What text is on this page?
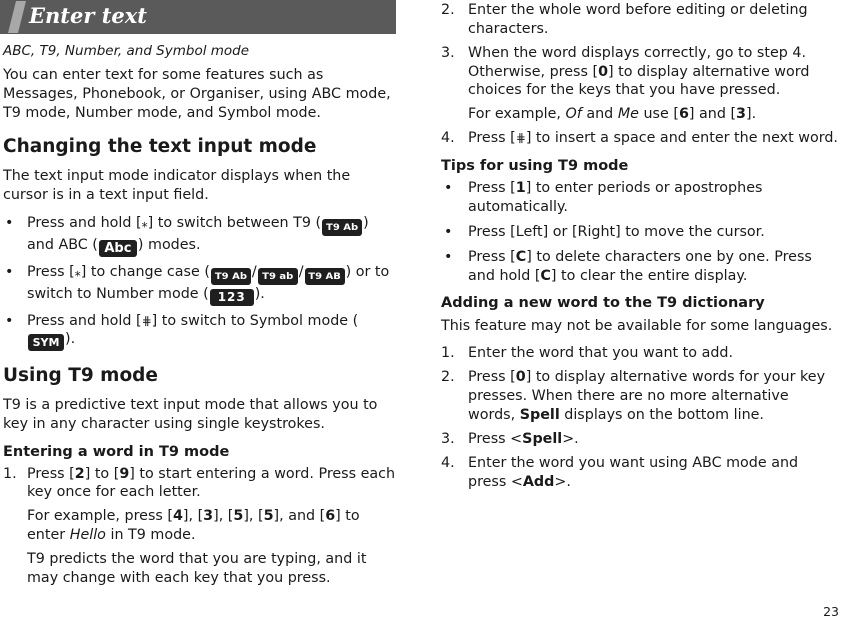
Enter text
ABC, T9, Number, and Symbol mode

You can enter text for some features such as Messages, Phonebook, or Organiser, using ABC mode, T9 mode, Number mode, and Symbol mode.

Changing the text input mode

The text input mode indicator displays when the cursor is in a text input field.

• Press and hold [⁎] to switch between T9 ( T9 Ab ) and ABC ( Abc ) modes.
• Press [⁎] to change case ( T9 Ab / T9 ab / T9 AB ) or to switch to Number mode ( 123 ).
• Press and hold [⋕] to switch to Symbol mode (SYM ).
Using T9 mode

T9 is a predictive text input mode that allows you to key in any character using single keystrokes.

Entering a word in T9 mode
1. Press [2] to [9] to start entering a word. Press each key once for each letter.
For example, press [4], [3], [5], [5], and [6] to enter Hello in T9 mode.
T9 predicts the word that you are typing, and it may change with each key that you press.
2. Enter the whole word before editing or deleting characters.
3. When the word displays correctly, go to step 4. Otherwise, press [0] to display alternative word choices for the keys that you have pressed.
For example, Of and Me use [6] and [3].
4. Press [⋕] to insert a space and enter the next word.
Tips for using T9 mode
• Press [1] to enter periods or apostrophes automatically.
• Press [Left] or [Right] to move the cursor.
• Press [C] to delete characters one by one. Press and hold [C] to clear the entire display.
Adding a new word to the T9 dictionary

This feature may not be available for some languages.

1. Enter the word that you want to add.
2. Press [0] to display alternative words for your key presses. When there are no more alternative words, Spell displays on the bottom line.
3. Press <Spell>.
4. Enter the word you want using ABC mode and press <Add>.
23
